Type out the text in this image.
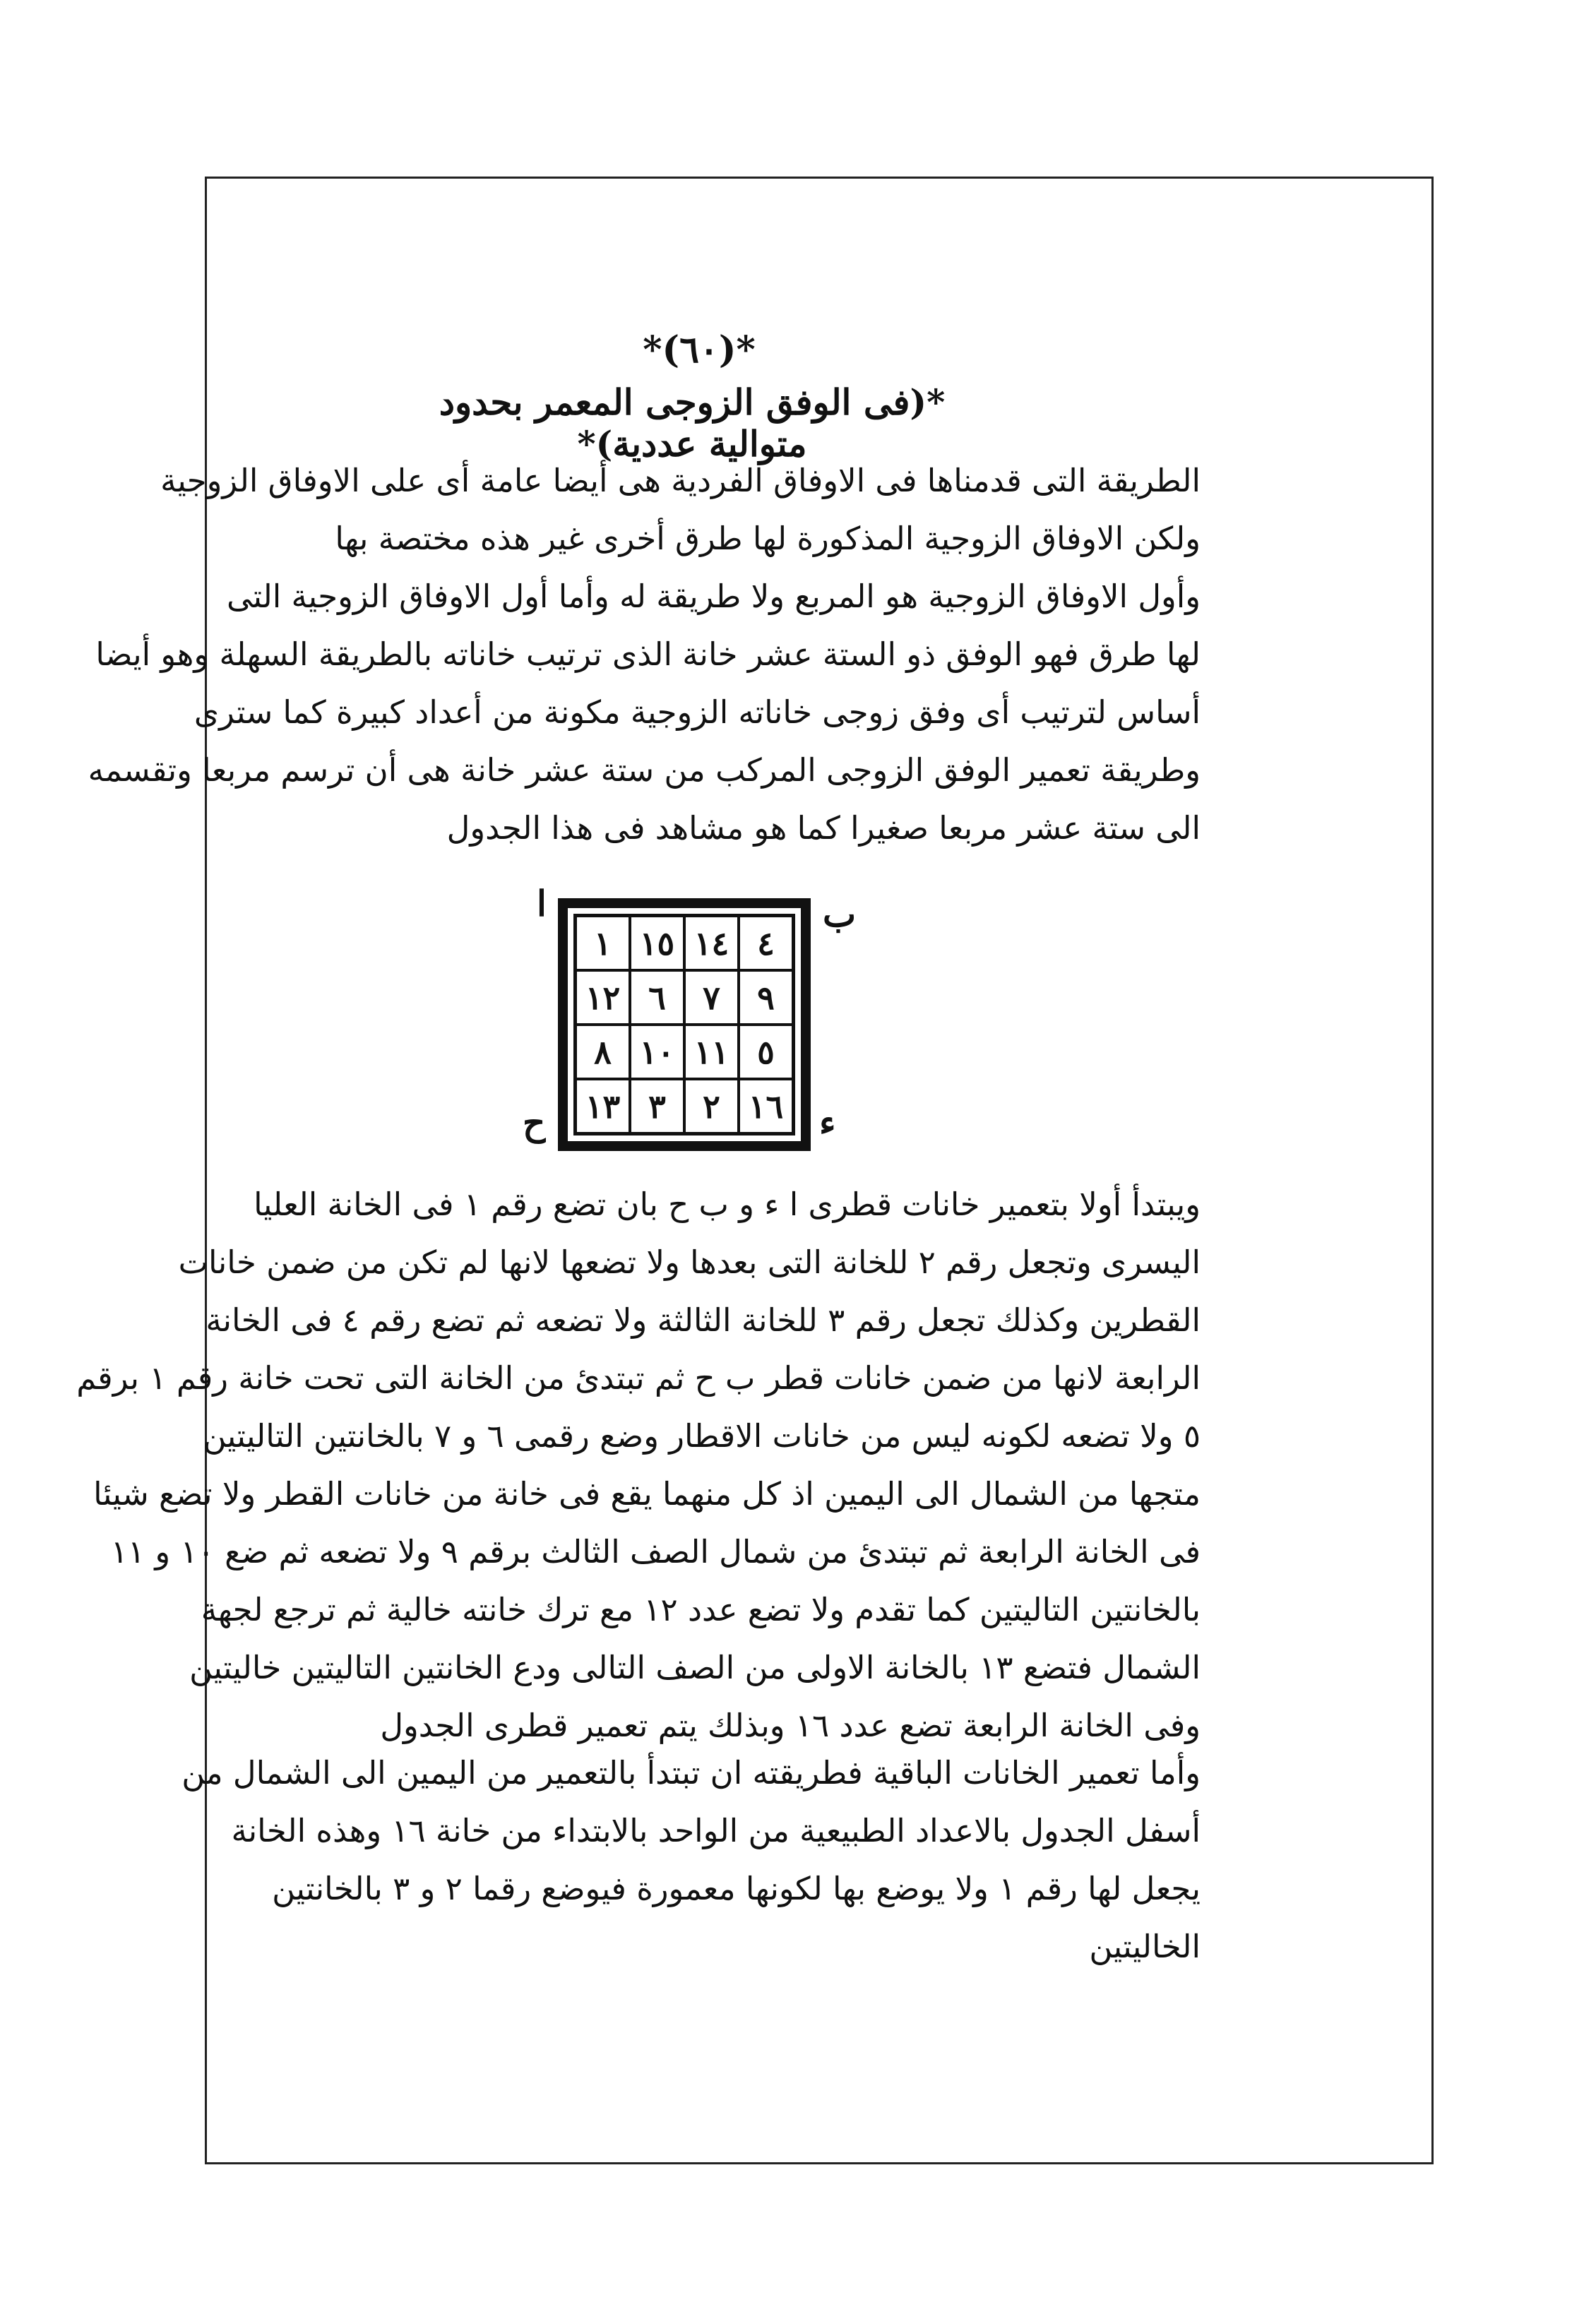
*(٦٠)*
*(فى الوفق الزوجى المعمر بحدود متوالية عددية)*
الطريقة التى قدمناها فى الاوفاق الفردية هى أيضا عامة أى على الاوفاق الزوجية
ولكن الاوفاق الزوجية المذكورة لها طرق أخرى غير هذه مختصة بها
وأول الاوفاق الزوجية هو المربع ولا طريقة له وأما أول الاوفاق الزوجية التى
لها طرق فهو الوفق ذو الستة عشر خانة الذى ترتيب خاناته بالطريقة السهلة وهو أيضا
أساس لترتيب أى وفق زوجى خاناته الزوجية مكونة من أعداد كبيرة كما سترى
وطريقة تعمير الوفق الزوجى المركب من ستة عشر خانة هى أن ترسم مربعا وتقسمه
الى ستة عشر مربعا صغيرا كما هو مشاهد فى هذا الجدول
ا	ب
ح	ء
١ ١٥ ١٤ ٤
١٢ ٦	٧	٩
٨ ١٠ ١١ ٥
١٣ ٣	٢ ١٦
ويبتدأ أولا بتعمير خانات قطرى ا ء و ب ح بان تضع رقم ١ فى الخانة العليا
اليسرى وتجعل رقم ٢ للخانة التى بعدها ولا تضعها لانها لم تكن من ضمن خانات
القطرين وكذلك تجعل رقم ٣ للخانة الثالثة ولا تضعه ثم تضع رقم ٤ فى الخانة
الرابعة لانها من ضمن خانات قطر ب ح ثم تبتدئ من الخانة التى تحت خانة رقم ١ برقم
٥ ولا تضعه لكونه ليس من خانات الاقطار وضع رقمى ٦ و ٧ بالخانتين التاليتين
متجها من الشمال الى اليمين اذ كل منهما يقع فى خانة من خانات القطر ولا تضع شيئا
فى الخانة الرابعة ثم تبتدئ من شمال الصف الثالث برقم ٩ ولا تضعه ثم ضع ١٠ و ١١
بالخانتين التاليتين كما تقدم ولا تضع عدد ١٢ مع ترك خانته خالية ثم ترجع لجهة
الشمال فتضع ١٣ بالخانة الاولى من الصف التالى ودع الخانتين التاليتين خاليتين
وفى الخانة الرابعة تضع عدد ١٦ وبذلك يتم تعمير قطرى الجدول
وأما تعمير الخانات الباقية فطريقته ان تبتدأ بالتعمير من اليمين الى الشمال من
أسفل الجدول بالاعداد الطبيعية من الواحد بالابتداء من خانة ١٦ وهذه الخانة
يجعل لها رقم ١ ولا يوضع بها لكونها معمورة فيوضع رقما ٢ و ٣ بالخانتين
الخاليتين
